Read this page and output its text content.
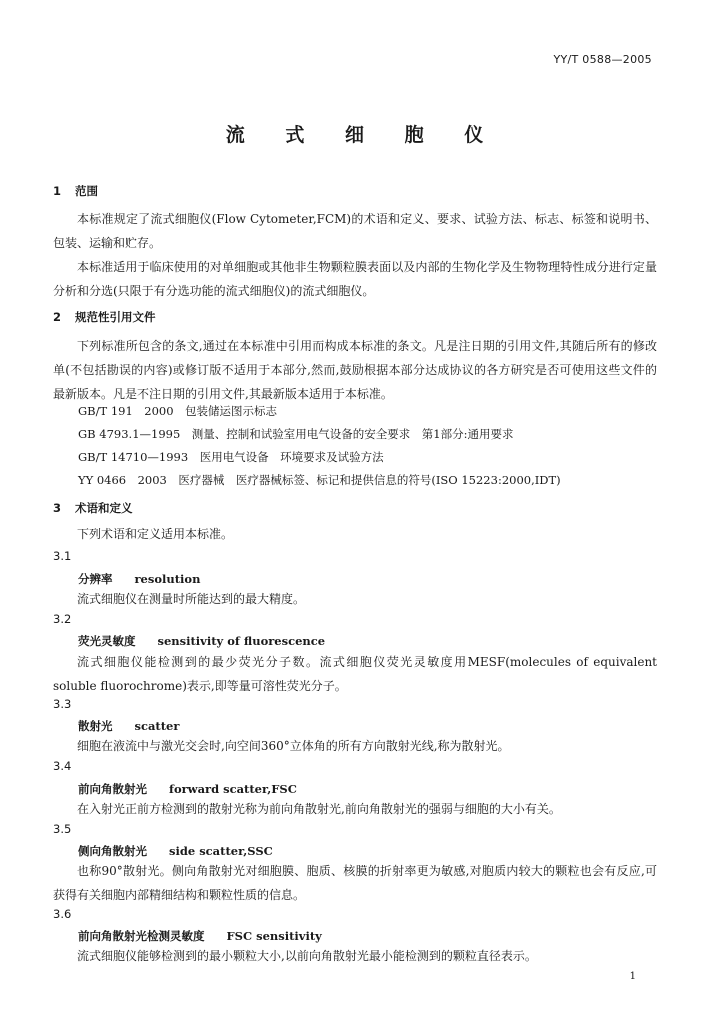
YY/T 0588—2005
流 式 细 胞 仪
1 范围

本标准规定了流式细胞仪(Flow Cytometer,FCM)的术语和定义、要求、试验方法、标志、标签和说明书、包装、运输和贮存。

本标准适用于临床使用的对单细胞或其他非生物颗粒膜表面以及内部的生物化学及生物物理特性成分进行定量分析和分选(只限于有分选功能的流式细胞仪)的流式细胞仪。

2 规范性引用文件

下列标准所包含的条文,通过在本标准中引用而构成本标准的条文。凡是注日期的引用文件,其随后所有的修改单(不包括勘误的内容)或修订版不适用于本部分,然而,鼓励根据本部分达成协议的各方研究是否可使用这些文件的最新版本。凡是不注日期的引用文件,其最新版本适用于本标准。

GB/T 191　2000　包装储运图示标志
GB 4793.1—1995　测量、控制和试验室用电气设备的安全要求　第1部分:通用要求
GB/T 14710—1993　医用电气设备　环境要求及试验方法
YY 0466　2003　医疗器械　医疗器械标签、标记和提供信息的符号(ISO 15223:2000,IDT)
3 术语和定义

下列术语和定义适用本标准。

3.1
分辨率 resolution

流式细胞仪在测量时所能达到的最大精度。

3.2
荧光灵敏度 sensitivity of fluorescence

流式细胞仪能检测到的最少荧光分子数。流式细胞仪荧光灵敏度用MESF(molecules of equivalent soluble fluorochrome)表示,即等量可溶性荧光分子。

3.3
散射光 scatter

细胞在液流中与激光交会时,向空间360°立体角的所有方向散射光线,称为散射光。

3.4
前向角散射光 forward scatter,FSC

在入射光正前方检测到的散射光称为前向角散射光,前向角散射光的强弱与细胞的大小有关。

3.5
侧向角散射光 side scatter,SSC

也称90°散射光。侧向角散射光对细胞膜、胞质、核膜的折射率更为敏感,对胞质内较大的颗粒也会有反应,可获得有关细胞内部精细结构和颗粒性质的信息。

3.6
前向角散射光检测灵敏度 FSC sensitivity

流式细胞仪能够检测到的最小颗粒大小,以前向角散射光最小能检测到的颗粒直径表示。

1
